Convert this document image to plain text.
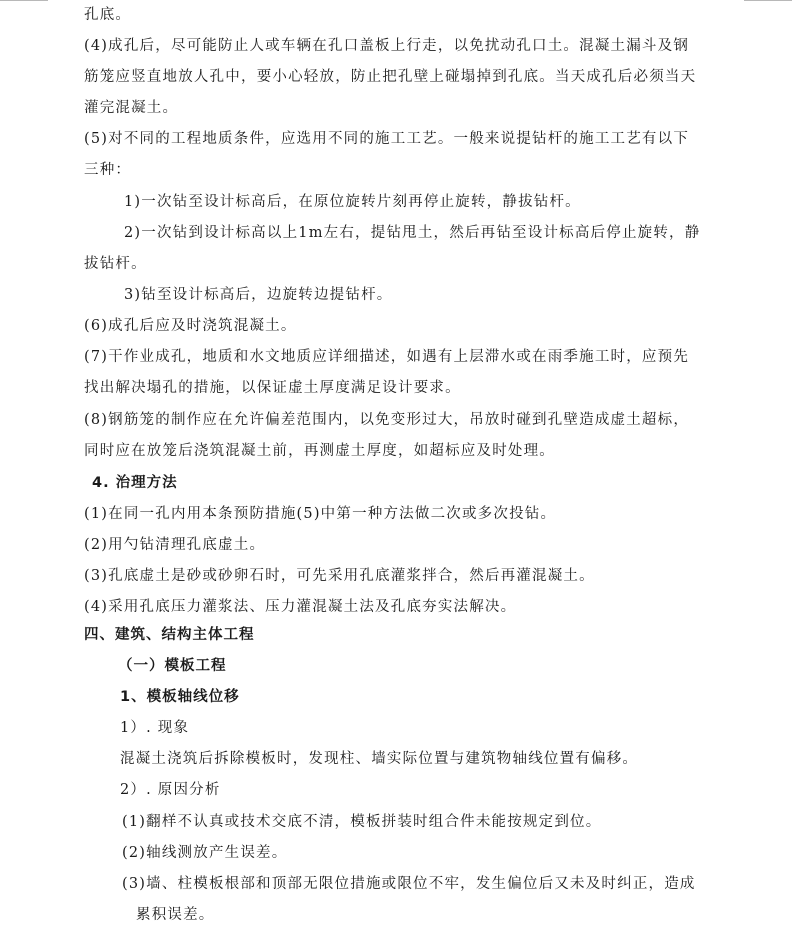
孔底。
(4)成孔后，尽可能防止人或车辆在孔口盖板上行走，以免扰动孔口土。混凝土漏斗及钢
筋笼应竖直地放人孔中，要小心轻放，防止把孔壁上碰塌掉到孔底。当天成孔后必须当天
灌完混凝土。
(5)对不同的工程地质条件，应选用不同的施工工艺。一般来说提钻杆的施工工艺有以下
三种：
1)一次钻至设计标高后，在原位旋转片刻再停止旋转，静拔钻杆。
2)一次钻到设计标高以上1m左右，提钻甩土，然后再钻至设计标高后停止旋转，静
拔钻杆。
3)钻至设计标高后，边旋转边提钻杆。
(6)成孔后应及时浇筑混凝土。
(7)干作业成孔，地质和水文地质应详细描述，如遇有上层滞水或在雨季施工时，应预先
找出解决塌孔的措施，以保证虚土厚度满足设计要求。
(8)钢筋笼的制作应在允许偏差范围内，以免变形过大，吊放时碰到孔壁造成虚土超标，
同时应在放笼后浇筑混凝土前，再测虚土厚度，如超标应及时处理。
4. 治理方法
(1)在同一孔内用本条预防措施(5)中第一种方法做二次或多次投钻。
(2)用勺钻清理孔底虚土。
(3)孔底虚土是砂或砂卵石时，可先采用孔底灌浆拌合，然后再灌混凝土。
(4)采用孔底压力灌浆法、压力灌混凝土法及孔底夯实法解决。
四、建筑、结构主体工程
（一）模板工程
1、模板轴线位移
1）. 现象
混凝土浇筑后拆除模板时，发现柱、墙实际位置与建筑物轴线位置有偏移。
2）. 原因分析
(1)翻样不认真或技术交底不清，模板拼装时组合件未能按规定到位。
(2)轴线测放产生误差。
(3)墙、柱模板根部和顶部无限位措施或限位不牢，发生偏位后又未及时纠正，造成
累积误差。
